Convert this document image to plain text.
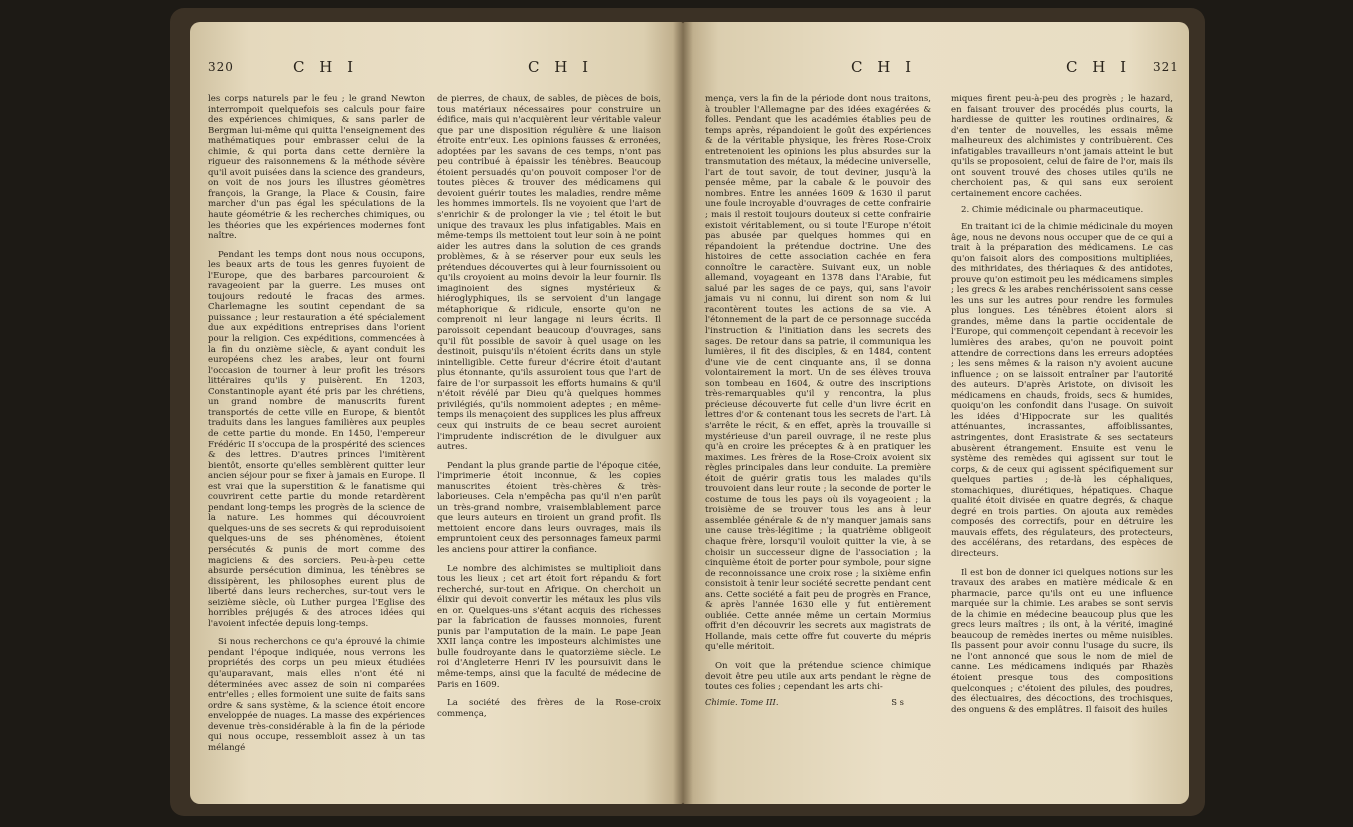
320	C H I	C H I

les corps naturels par le feu ; le grand Newton interrompoit quelquefois ses calculs pour faire des expériences chimiques, & sans parler de Bergman lui-même qui quitta l'enseignement des mathématiques pour embrasser celui de la chimie, & qui porta dans cette dernière la rigueur des raisonnemens & la méthode sévère qu'il avoit puisées dans la science des grandeurs, on voit de nos jours les illustres géomètres françois, la Grange, la Place & Cousin, faire marcher d'un pas égal les spéculations de la haute géométrie & les recherches chimiques, ou les théories que les expériences modernes font naître.

Pendant les temps dont nous nous occupons, les beaux arts de tous les genres fuyoient de l'Europe, que des barbares parcouroient & ravageoient par la guerre. Les muses ont toujours redouté le fracas des armes. Charlemagne les soutint cependant de sa puissance ; leur restauration a été spécialement due aux expéditions entreprises dans l'orient pour la religion. Ces expéditions, commencées à la fin du onzième siècle, & ayant conduit les européens chez les arabes, leur ont fourni l'occasion de tourner à leur profit les trésors littéraires qu'ils y puisèrent. En 1203, Constantinople ayant été pris par les chrétiens, un grand nombre de manuscrits furent transportés de cette ville en Europe, & bientôt traduits dans les langues familières aux peuples de cette partie du monde. En 1450, l'empereur Frédéric II s'occupa de la prospérité des sciences & des lettres. D'autres princes l'imitèrent bientôt, ensorte qu'elles semblèrent quitter leur ancien séjour pour se fixer à jamais en Europe. Il est vrai que la superstition & le fanatisme qui couvrirent cette partie du monde retardèrent pendant long-temps les progrès de la science de la nature. Les hommes qui découvroient quelques-uns de ses secrets & qui reproduisoient quelques-uns de ses phénomènes, étoient persécutés & punis de mort comme des magiciens & des sorciers. Peu-à-peu cette absurde persécution diminua, les ténèbres se dissipèrent, les philosophes eurent plus de liberté dans leurs recherches, sur-tout vers le seizième siècle, où Luther purgea l'Eglise des horribles préjugés & des atroces idées qui l'avoient infectée depuis long-temps.

Si nous recherchons ce qu'a éprouvé la chimie pendant l'époque indiquée, nous verrons les propriétés des corps un peu mieux étudiées qu'auparavant, mais elles n'ont été ni déterminées avec assez de soin ni comparées entr'elles ; elles formoient une suite de faits sans ordre & sans système, & la science étoit encore enveloppée de nuages. La masse des expériences devenue très-considérable à la fin de la période qui nous occupe, ressembloit assez à un tas mélangé

de pierres, de chaux, de sables, de pièces de bois, tous matériaux nécessaires pour construire un édifice, mais qui n'acquièrent leur véritable valeur que par une disposition régulière & une liaison étroite entr'eux. Les opinions fausses & erronées, adoptées par les savans de ces temps, n'ont pas peu contribué à épaissir les ténèbres. Beaucoup étoient persuadés qu'on pouvoit composer l'or de toutes pièces & trouver des médicamens qui devoient guérir toutes les maladies, rendre même les hommes immortels. Ils ne voyoient que l'art de s'enrichir & de prolonger la vie ; tel étoit le but unique des travaux les plus infatigables. Mais en même-temps ils mettoient tout leur soin à ne point aider les autres dans la solution de ces grands problèmes, & à se réserver pour eux seuls les prétendues découvertes qui à leur fournissoient ou qu'ils croyoient au moins devoir la leur fournir. Ils imaginoient des signes mystérieux & hiéroglyphiques, ils se servoient d'un langage métaphorique & ridicule, ensorte qu'on ne comprenoit ni leur langage ni leurs écrits. Il paroissoit cependant beaucoup d'ouvrages, sans qu'il fût possible de savoir à quel usage on les destinoit, puisqu'ils n'étoient écrits dans un style inintelligible. Cette fureur d'écrire étoit d'autant plus étonnante, qu'ils assuroient tous que l'art de faire de l'or surpassoit les efforts humains & qu'il n'étoit révélé par Dieu qu'à quelques hommes privilégiés, qu'ils nommoient adeptes ; en même-temps ils menaçoient des supplices les plus affreux ceux qui instruits de ce beau secret auroient l'imprudente indiscrétion de le divulguer aux autres.

Pendant la plus grande partie de l'époque citée, l'imprimerie étoit inconnue, & les copies manuscrites étoient très-chères & très-laborieuses. Cela n'empêcha pas qu'il n'en parût un très-grand nombre, vraisemblablement parce que leurs auteurs en tiroient un grand profit. Ils mettoient encore dans leurs ouvrages, mais ils empruntoient ceux des personnages fameux parmi les anciens pour attirer la confiance.

Le nombre des alchimistes se multiplioit dans tous les lieux ; cet art étoit fort répandu & fort recherché, sur-tout en Afrique. On cherchoit un élixir qui devoit convertir les métaux les plus vils en or. Quelques-uns s'étant acquis des richesses par la fabrication de fausses monnoies, furent punis par l'amputation de la main. Le pape Jean XXII lança contre les imposteurs alchimistes une bulle foudroyante dans le quatorzième siècle. Le roi d'Angleterre Henri IV les poursuivit dans le même-temps, ainsi que la faculté de médecine de Paris en 1609.

La société des frères de la Rose-croix commença,

C H I	C H I 321

mença, vers la fin de la période dont nous traitons, à troubler l'Allemagne par des idées exagérées & folles. Pendant que les académies établies peu de temps après, répandoient le goût des expériences & de la véritable physique, les frères Rose-Croix entretenoient les opinions les plus absurdes sur la transmutation des métaux, la médecine universelle, l'art de tout savoir, de tout deviner, jusqu'à la pensée même, par la cabale & le pouvoir des nombres. Entre les années 1609 & 1630 il parut une foule incroyable d'ouvrages de cette confrairie ; mais il restoit toujours douteux si cette confrairie existoit véritablement, ou si toute l'Europe n'étoit pas abusée par quelques hommes qui en répandoient la prétendue doctrine. Une des histoires de cette association cachée en fera connoître le caractère. Suivant eux, un noble allemand, voyageant en 1378 dans l'Arabie, fut salué par les sages de ce pays, qui, sans l'avoir jamais vu ni connu, lui dirent son nom & lui racontèrent toutes les actions de sa vie. A l'étonnement de la part de ce personnage succéda l'instruction & l'initiation dans les secrets des sages. De retour dans sa patrie, il communiqua les lumières, il fit des disciples, & en 1484, content d'une vie de cent cinquante ans, il se donna volontairement la mort. Un de ses élèves trouva son tombeau en 1604, & outre des inscriptions très-remarquables qu'il y rencontra, la plus précieuse découverte fut celle d'un livre écrit en lettres d'or & contenant tous les secrets de l'art. Là s'arrête le récit, & en effet, après la trouvaille si mystérieuse d'un pareil ouvrage, il ne reste plus qu'à en croire les préceptes & à en pratiquer les maximes. Les frères de la Rose-Croix avoient six règles principales dans leur conduite. La première étoit de guérir gratis tous les malades qu'ils trouvoient dans leur route ; la seconde de porter le costume de tous les pays où ils voyageoient ; la troisième de se trouver tous les ans à leur assemblée générale & de n'y manquer jamais sans une cause très-légitime ; la quatrième obligeoit chaque frère, lorsqu'il vouloit quitter la vie, à se choisir un successeur digne de l'association ; la cinquième étoit de porter pour symbole, pour signe de reconnoissance une croix rose ; la sixième enfin consistoit à tenir leur société secrette pendant cent ans. Cette société a fait peu de progrès en France, & après l'année 1630 elle y fut entièrement oubliée. Cette année même un certain Mormius offrit d'en découvrir les secrets aux magistrats de Hollande, mais cette offre fut couverte du mépris qu'elle méritoit.

On voit que la prétendue science chimique devoit être peu utile aux arts pendant le règne de toutes ces folies ; cependant les arts chi-

Chimie. Tome III.	S s

miques firent peu-à-peu des progrès ; le hazard, en faisant trouver des procédés plus courts, la hardiesse de quitter les routines ordinaires, & d'en tenter de nouvelles, les essais même malheureux des alchimistes y contribuèrent. Ces infatigables travailleurs n'ont jamais atteint le but qu'ils se proposoient, celui de faire de l'or, mais ils ont souvent trouvé des choses utiles qu'ils ne cherchoient pas, & qui sans eux seroient certainement encore cachées.

2. Chimie médicinale ou pharmaceutique.

En traitant ici de la chimie médicinale du moyen âge, nous ne devons nous occuper que de ce qui a trait à la préparation des médicamens. Le cas qu'on faisoit alors des compositions multipliées, des mithridates, des thériaques & des antidotes, prouve qu'on estimoit peu les médicamens simples ; les grecs & les arabes renchérissoient sans cesse les uns sur les autres pour rendre les formules plus longues. Les ténèbres étoient alors si grandes, même dans la partie occidentale de l'Europe, qui commençoit cependant à recevoir les lumières des arabes, qu'on ne pouvoit point attendre de corrections dans les erreurs adoptées ; les sens mêmes & la raison n'y avoient aucune influence ; on se laissoit entraîner par l'autorité des auteurs. D'après Aristote, on divisoit les médicamens en chauds, froids, secs & humides, quoiqu'on les confondit dans l'usage. On suivoit les idées d'Hippocrate sur les qualités atténuantes, incrassantes, affoiblissantes, astringentes, dont Erasistrate & ses sectateurs abusèrent étrangement. Ensuite est venu le système des remèdes qui agissent sur tout le corps, & de ceux qui agissent spécifiquement sur quelques parties ; de-là les céphaliques, stomachiques, diurétiques, hépatiques. Chaque qualité étoit divisée en quatre degrés, & chaque degré en trois parties. On ajouta aux remèdes composés des correctifs, pour en détruire les mauvais effets, des régulateurs, des protecteurs, des accélérans, des retardans, des espèces de directeurs.

Il est bon de donner ici quelques notions sur les travaux des arabes en matière médicale & en pharmacie, parce qu'ils ont eu une influence marquée sur la chimie. Les arabes se sont servis de la chimie en médecine beaucoup plus que les grecs leurs maîtres ; ils ont, à la vérité, imaginé beaucoup de remèdes inertes ou même nuisibles. Ils passent pour avoir connu l'usage du sucre, ils ne l'ont annoncé que sous le nom de miel de canne. Les médicamens indiqués par Rhazès étoient presque tous des compositions quelconques ; c'étoient des pilules, des poudres, des électuaires, des décoctions, des trochisques, des onguens & des emplâtres. Il faisoit des huiles
